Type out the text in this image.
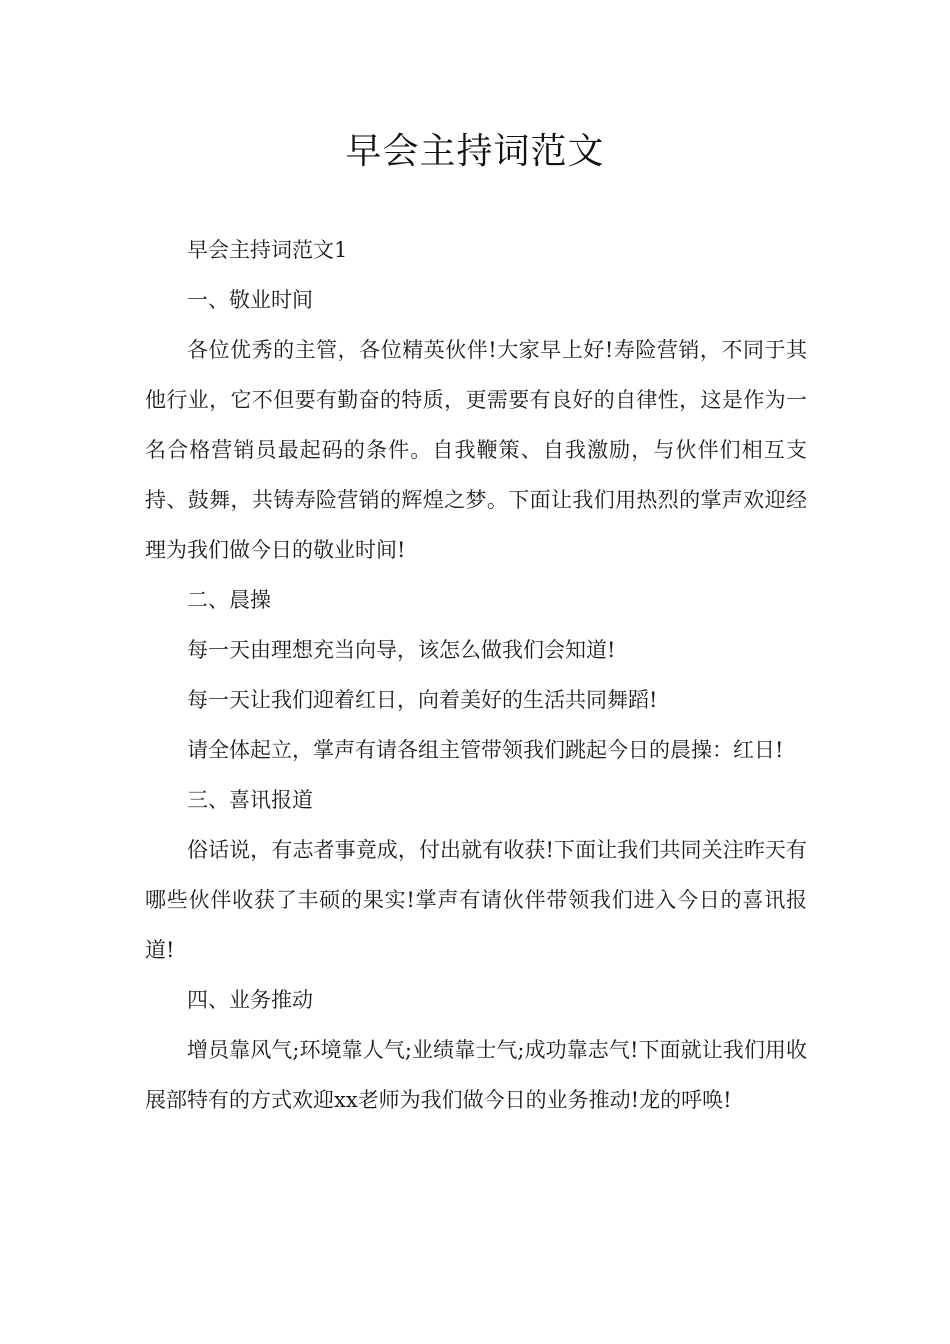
早会主持词范文

早会主持词范文1

一、敬业时间

各位优秀的主管，各位精英伙伴!大家早上好!寿险营销，不同于其他行业，它不但要有勤奋的特质，更需要有良好的自律性，这是作为一名合格营销员最起码的条件。自我鞭策、自我激励，与伙伴们相互支持、鼓舞，共铸寿险营销的辉煌之梦。下面让我们用热烈的掌声欢迎经理为我们做今日的敬业时间!

二、晨操

每一天由理想充当向导，该怎么做我们会知道!

每一天让我们迎着红日，向着美好的生活共同舞蹈!

请全体起立，掌声有请各组主管带领我们跳起今日的晨操：红日!

三、喜讯报道

俗话说，有志者事竟成，付出就有收获!下面让我们共同关注昨天有哪些伙伴收获了丰硕的果实!掌声有请伙伴带领我们进入今日的喜讯报道!

四、业务推动

增员靠风气;环境靠人气;业绩靠士气;成功靠志气!下面就让我们用收展部特有的方式欢迎xx老师为我们做今日的业务推动!龙的呼唤!
